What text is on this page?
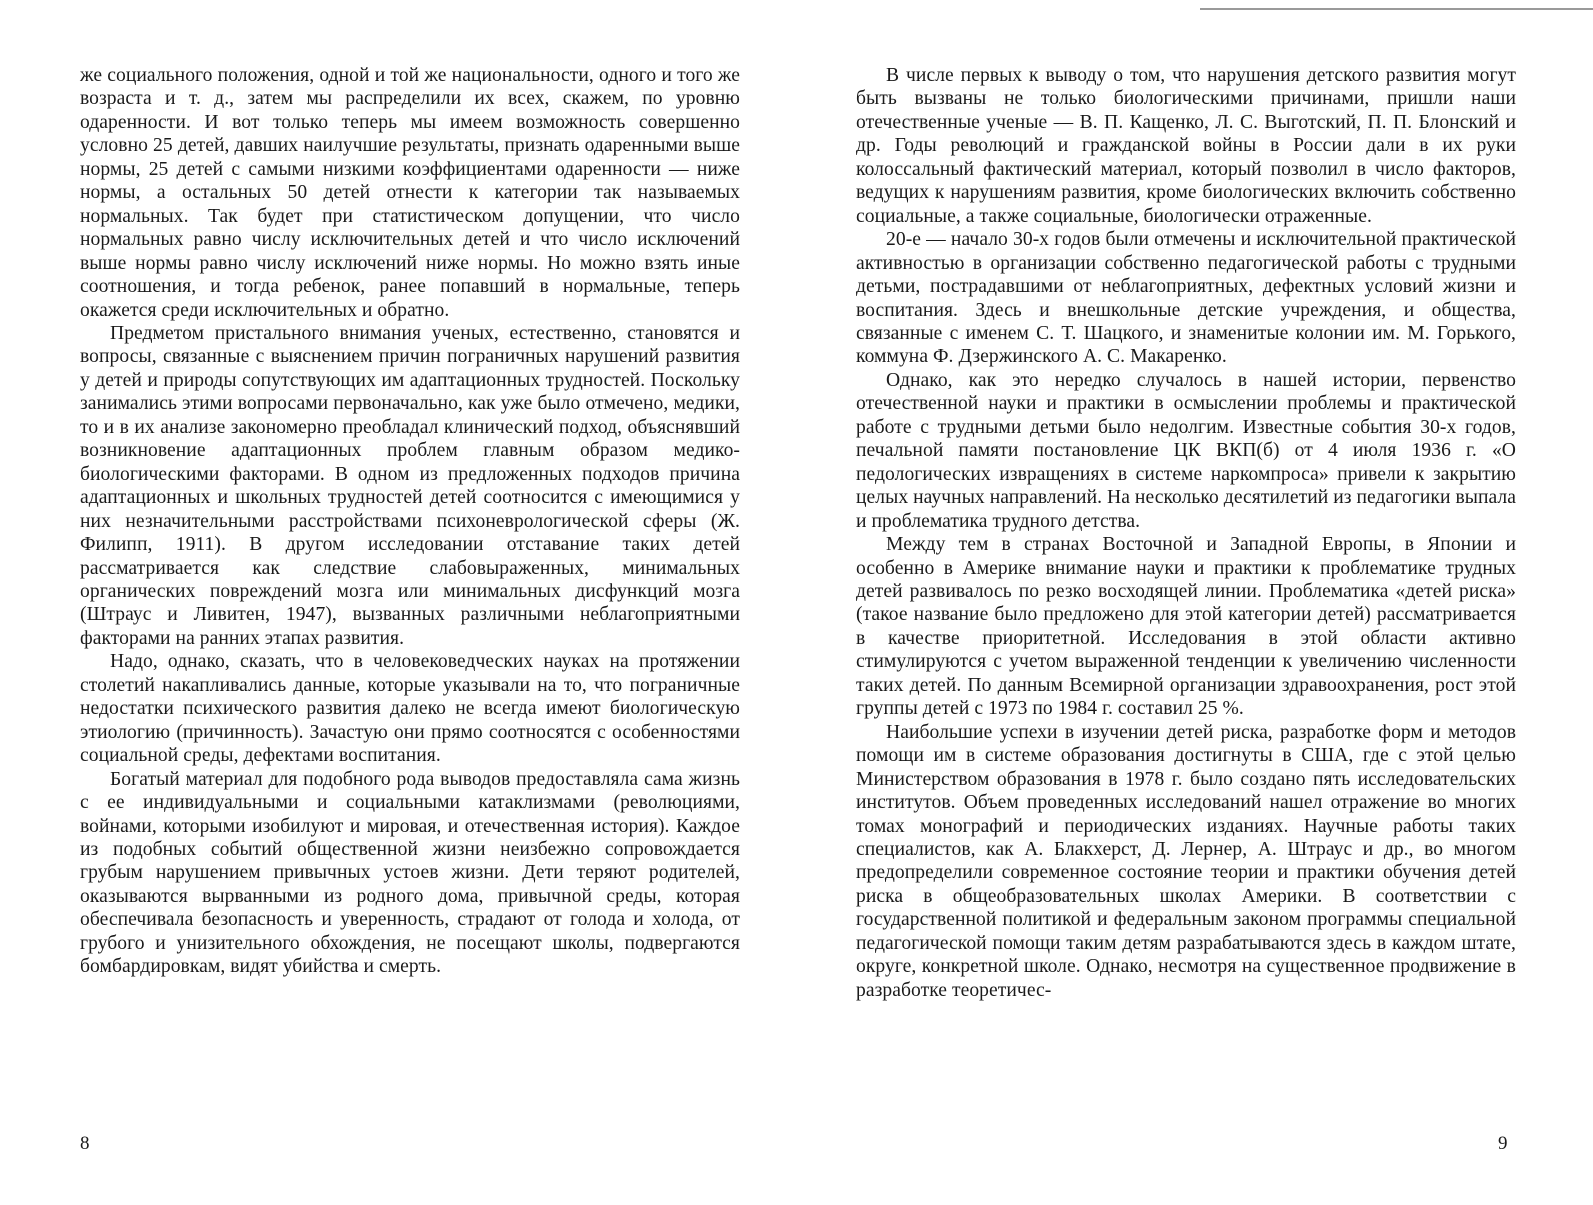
же социального положения, одной и той же национальности, одного и того же возраста и т. д., затем мы распределили их всех, скажем, по уровню одаренности. И вот только теперь мы имеем возможность совершенно условно 25 детей, давших наилучшие результаты, признать одаренными выше нормы, 25 детей с самыми низкими коэффициентами одаренности — ниже нормы, а остальных 50 детей отнести к категории так называемых нормальных. Так будет при статистическом допущении, что число нормальных равно числу исключительных детей и что число исключений выше нормы равно числу исключений ниже нормы. Но можно взять иные соотношения, и тогда ребенок, ранее попавший в нормальные, теперь окажется среди исключительных и обратно.

Предметом пристального внимания ученых, естественно, становятся и вопросы, связанные с выяснением причин пограничных нарушений развития у детей и природы сопутствующих им адаптационных трудностей. Поскольку занимались этими вопросами первоначально, как уже было отмечено, медики, то и в их анализе закономерно преобладал клинический подход, объяснявший возникновение адаптационных проблем главным образом медико-биологическими факторами. В одном из предложенных подходов причина адаптационных и школьных трудностей детей соотносится с имеющимися у них незначительными расстройствами психоневрологической сферы (Ж. Филипп, 1911). В другом исследовании отставание таких детей рассматривается как следствие слабовыраженных, минимальных органических повреждений мозга или минимальных дисфункций мозга (Штраус и Ливитен, 1947), вызванных различными неблагоприятными факторами на ранних этапах развития.

Надо, однако, сказать, что в человековедческих науках на протяжении столетий накапливались данные, которые указывали на то, что пограничные недостатки психического развития далеко не всегда имеют биологическую этиологию (причинность). Зачастую они прямо соотносятся с особенностями социальной среды, дефектами воспитания.

Богатый материал для подобного рода выводов предоставляла сама жизнь с ее индивидуальными и социальными катаклизмами (революциями, войнами, которыми изобилуют и мировая, и отечественная история). Каждое из подобных событий общественной жизни неизбежно сопровождается грубым нарушением привычных устоев жизни. Дети теряют родителей, оказываются вырванными из родного дома, привычной среды, которая обеспечивала безопасность и уверенность, страдают от голода и холода, от грубого и унизительного обхождения, не посещают школы, подвергаются бомбардировкам, видят убийства и смерть.

В числе первых к выводу о том, что нарушения детского развития могут быть вызваны не только биологическими причинами, пришли наши отечественные ученые — В. П. Кащенко, Л. С. Выготский, П. П. Блонский и др. Годы революций и гражданской войны в России дали в их руки колоссальный фактический материал, который позволил в число факторов, ведущих к нарушениям развития, кроме биологических включить собственно социальные, а также социальные, биологически отраженные.

20-е — начало 30-х годов были отмечены и исключительной практической активностью в организации собственно педагогической работы с трудными детьми, пострадавшими от неблагоприятных, дефектных условий жизни и воспитания. Здесь и внешкольные детские учреждения, и общества, связанные с именем С. Т. Шацкого, и знаменитые колонии им. М. Горького, коммуна Ф. Дзержинского А. С. Макаренко.

Однако, как это нередко случалось в нашей истории, первенство отечественной науки и практики в осмыслении проблемы и практической работе с трудными детьми было недолгим. Известные события 30-х годов, печальной памяти постановление ЦК ВКП(б) от 4 июля 1936 г. «О педологических извращениях в системе наркомпроса» привели к закрытию целых научных направлений. На несколько десятилетий из педагогики выпала и проблематика трудного детства.

Между тем в странах Восточной и Западной Европы, в Японии и особенно в Америке внимание науки и практики к проблематике трудных детей развивалось по резко восходящей линии. Проблематика «детей риска» (такое название было предложено для этой категории детей) рассматривается в качестве приоритетной. Исследования в этой области активно стимулируются с учетом выраженной тенденции к увеличению численности таких детей. По данным Всемирной организации здравоохранения, рост этой группы детей с 1973 по 1984 г. составил 25 %.

Наибольшие успехи в изучении детей риска, разработке форм и методов помощи им в системе образования достигнуты в США, где с этой целью Министерством образования в 1978 г. было создано пять исследовательских институтов. Объем проведенных исследований нашел отражение во многих томах монографий и периодических изданиях. Научные работы таких специалистов, как А. Блакхерст, Д. Лернер, А. Штраус и др., во многом предопределили современное состояние теории и практики обучения детей риска в общеобразовательных школах Америки. В соответствии с государственной политикой и федеральным законом программы специальной педагогической помощи таким детям разрабатываются здесь в каждом штате, округе, конкретной школе. Однако, несмотря на существенное продвижение в разработке теоретичес-

8	9
